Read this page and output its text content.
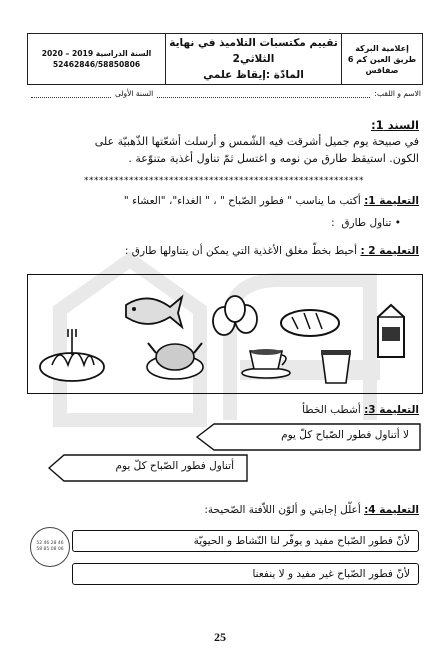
إعلامية البركة
طريق العين كم 6
صفاقس
تقييم مكتسبات التلاميذ في نهاية الثلاثي2
المادّة :إيقاظ علمي
السنة الدراسية 2019 – 2020
52462846/58850806
الاسم و اللقب:
السنة الأولى
السند 1:
في صبيحة يوم جميل أشرقت فيه الشّمس و أرسلت أشعّتها الذّهبيّة على
الكون. استيقظ طارق من نومه و اغتسل ثمّ تناول أغذية متنوّعة .
********************************************************
التعليمة 1: أكتب ما يناسب " فطور الصّباح " ، " الغداء"، "العشاء "
• تناول طارق  :
التعليمة 2 : أحيط بخطّ مغلق الأغذية التي يمكن أن يتناولها طارق :
التعليمة 3: أشطب الخطأ
لا أتناول فطور الصّباح كلّ يوم
أتناول فطور الصّباح كلّ يوم
التعليمة 4: أعلّل إجابتي و ألوّن اللاّفتة الصّحيحة:
52 46 28 46
58 85 08 06
لأنّ فطور الصّباح مفيد و يوفّر لنا النّشاط و الحيويّة
لأنّ فطور الصّباح غير مفيد و لا ينفعنا
25
